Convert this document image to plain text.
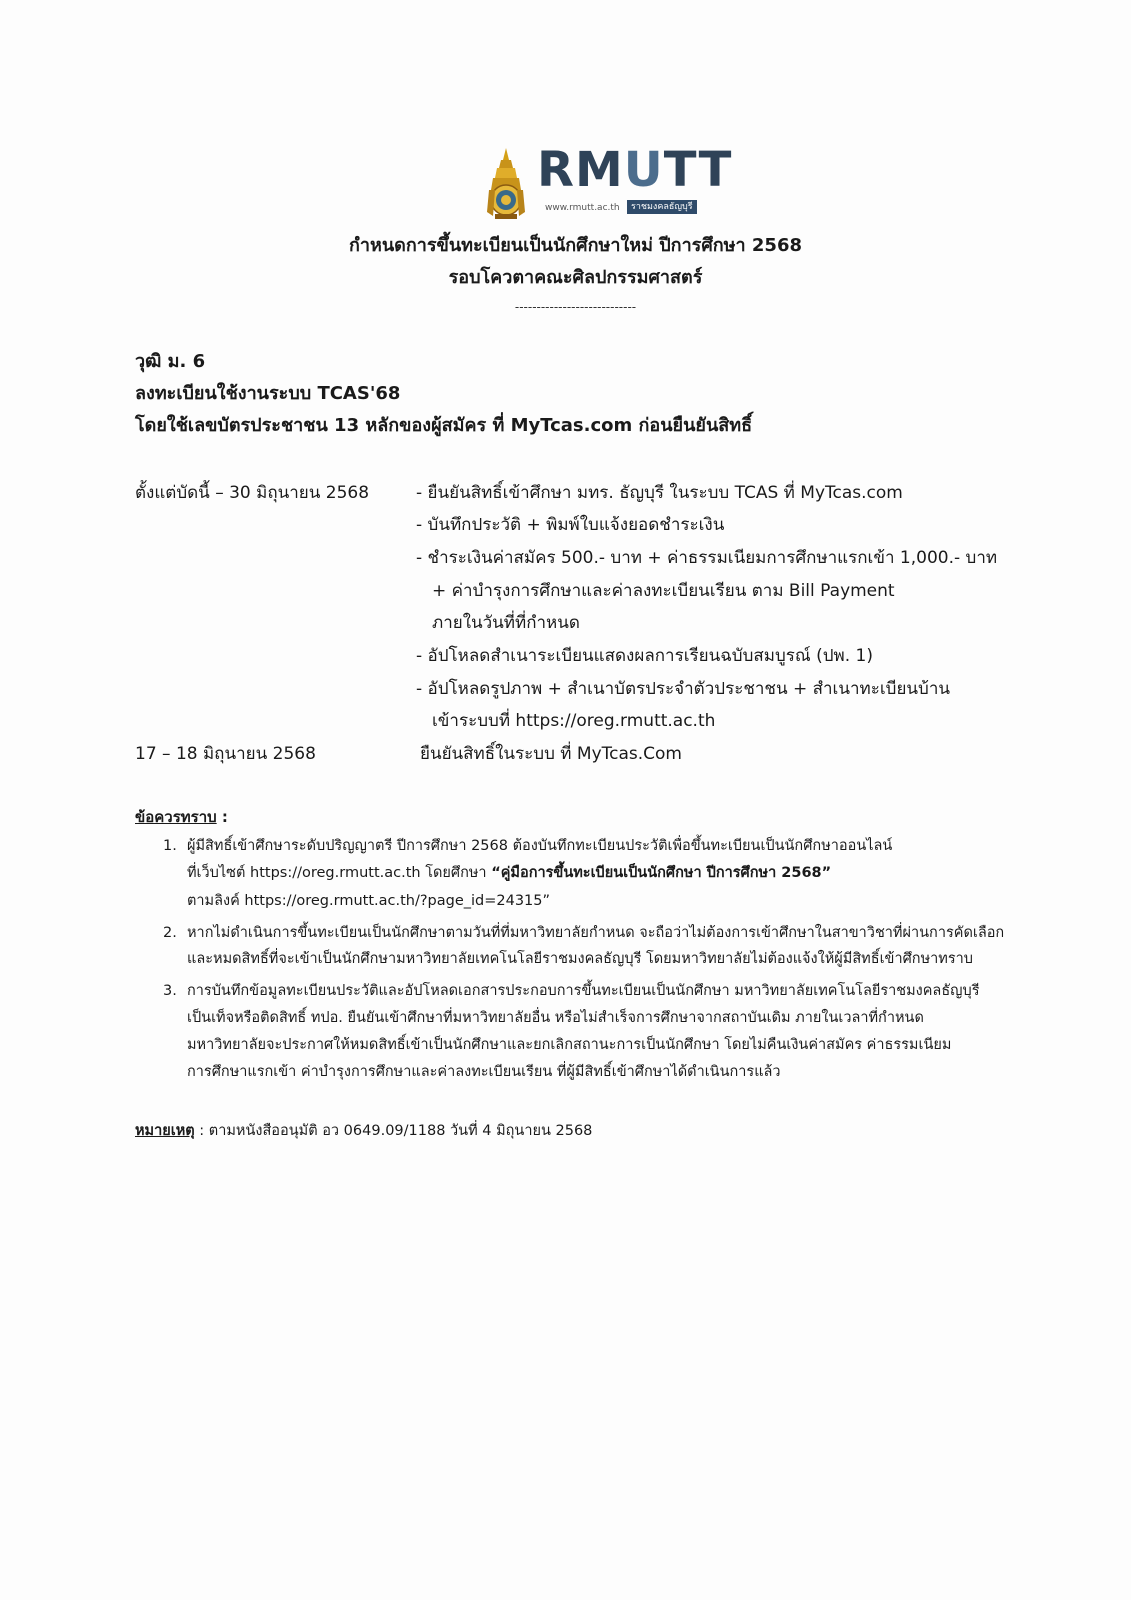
RMUTT
www.rmutt.ac.th	ราชมงคลธัญบุรี
กำหนดการขึ้นทะเบียนเป็นนักศึกษาใหม่ ปีการศึกษา 2568
รอบโควตาคณะศิลปกรรมศาสตร์
----------------------------
วุฒิ ม. 6
ลงทะเบียนใช้งานระบบ TCAS'68
โดยใช้เลขบัตรประชาชน 13 หลักของผู้สมัคร ที่ MyTcas.com ก่อนยืนยันสิทธิ์
ตั้งแต่บัดนี้ – 30 มิถุนายน 2568	- ยืนยันสิทธิ์เข้าศึกษา มทร. ธัญบุรี ในระบบ TCAS ที่ MyTcas.com
- บันทึกประวัติ + พิมพ์ใบแจ้งยอดชำระเงิน
- ชำระเงินค่าสมัคร 500.- บาท + ค่าธรรมเนียมการศึกษาแรกเข้า 1,000.- บาท
+ ค่าบำรุงการศึกษาและค่าลงทะเบียนเรียน ตาม Bill Payment
ภายในวันที่ที่กำหนด
- อัปโหลดสำเนาระเบียนแสดงผลการเรียนฉบับสมบูรณ์ (ปพ. 1)
- อัปโหลดรูปภาพ + สำเนาบัตรประจำตัวประชาชน + สำเนาทะเบียนบ้าน
เข้าระบบที่ https://oreg.rmutt.ac.th
17 – 18 มิถุนายน 2568	ยืนยันสิทธิ์ในระบบ ที่ MyTcas.Com
ข้อควรทราบ :
1. ผู้มีสิทธิ์เข้าศึกษาระดับปริญญาตรี ปีการศึกษา 2568 ต้องบันทึกทะเบียนประวัติเพื่อขึ้นทะเบียนเป็นนักศึกษาออนไลน์
ที่เว็บไซต์ https://oreg.rmutt.ac.th โดยศึกษา “คู่มือการขึ้นทะเบียนเป็นนักศึกษา ปีการศึกษา 2568”
ตามลิงค์ https://oreg.rmutt.ac.th/?page_id=24315”
2. หากไม่ดำเนินการขึ้นทะเบียนเป็นนักศึกษาตามวันที่ที่มหาวิทยาลัยกำหนด จะถือว่าไม่ต้องการเข้าศึกษาในสาขาวิชาที่ผ่านการคัดเลือก
และหมดสิทธิ์ที่จะเข้าเป็นนักศึกษามหาวิทยาลัยเทคโนโลยีราชมงคลธัญบุรี โดยมหาวิทยาลัยไม่ต้องแจ้งให้ผู้มีสิทธิ์เข้าศึกษาทราบ
3. การบันทึกข้อมูลทะเบียนประวัติและอัปโหลดเอกสารประกอบการขึ้นทะเบียนเป็นนักศึกษา มหาวิทยาลัยเทคโนโลยีราชมงคลธัญบุรี
เป็นเท็จหรือติดสิทธิ์ ทปอ. ยืนยันเข้าศึกษาที่มหาวิทยาลัยอื่น หรือไม่สำเร็จการศึกษาจากสถาบันเดิม ภายในเวลาที่กำหนด
มหาวิทยาลัยจะประกาศให้หมดสิทธิ์เข้าเป็นนักศึกษาและยกเลิกสถานะการเป็นนักศึกษา โดยไม่คืนเงินค่าสมัคร ค่าธรรมเนียม
การศึกษาแรกเข้า ค่าบำรุงการศึกษาและค่าลงทะเบียนเรียน ที่ผู้มีสิทธิ์เข้าศึกษาได้ดำเนินการแล้ว
หมายเหตุ : ตามหนังสืออนุมัติ อว 0649.09/1188 วันที่ 4 มิถุนายน 2568
